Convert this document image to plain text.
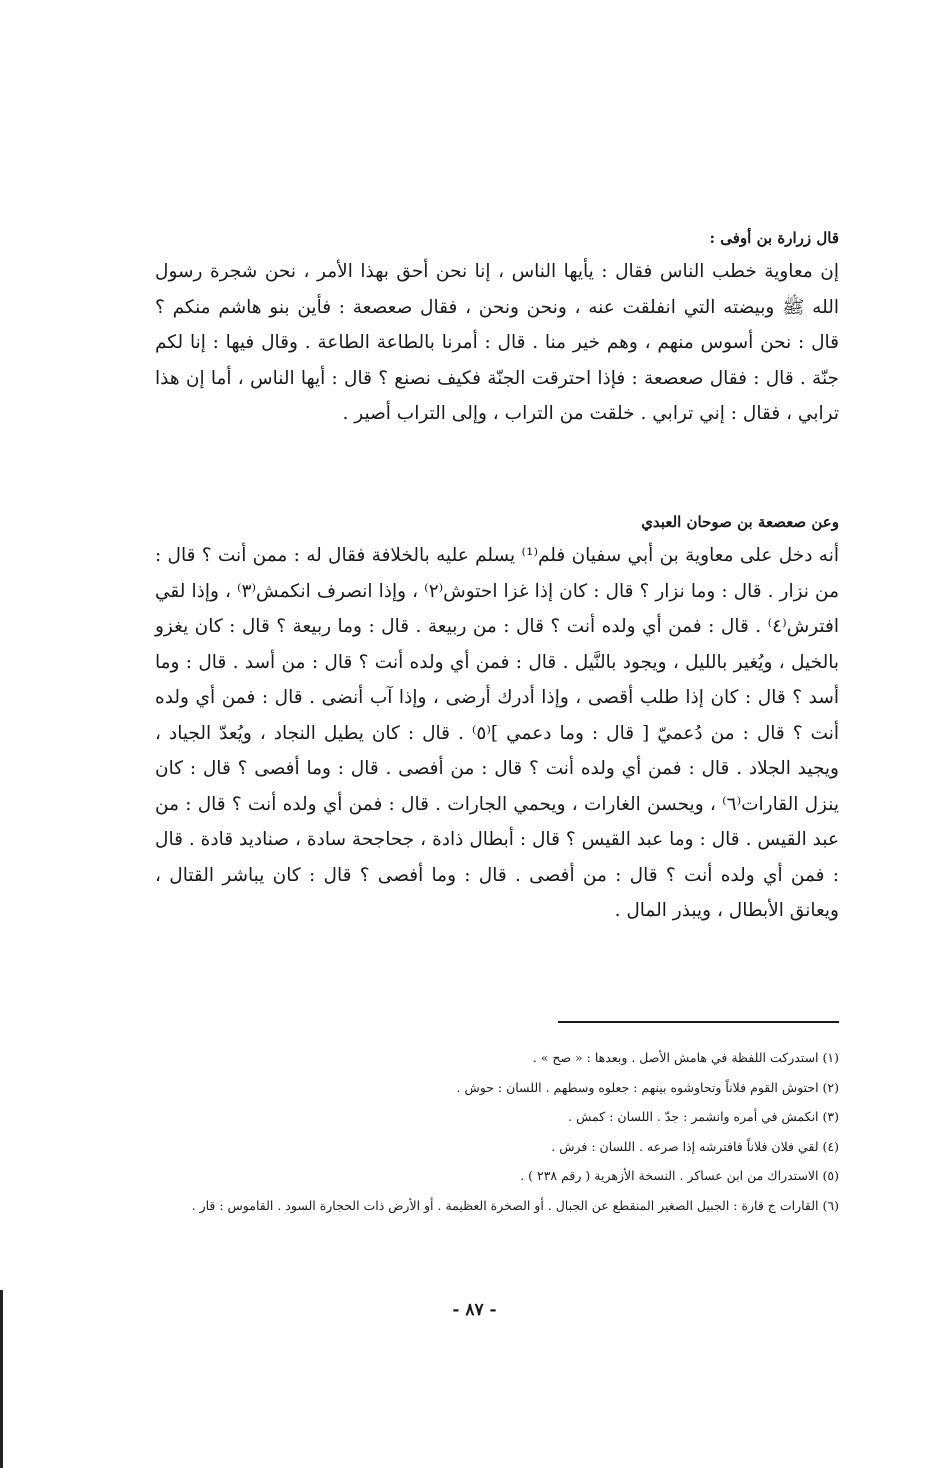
قال زرارة بن أوفى :

إن معاوية خطب الناس فقال : يأيها الناس ، إنا نحن أحق بهذا الأمر ، نحن شجرة رسول الله ﷺ وبيضته التي انفلقت عنه ، ونحن ونحن ، فقال صعصعة : فأين بنو هاشم منكم ؟ قال : نحن أسوس منهم ، وهم خير منا . قال : أمرنا بالطاعة الطاعة . وقال فيها : إنا لكم جنّة . قال : فقال صعصعة : فإذا احترقت الجنّة فكيف نصنع ؟ قال : أيها الناس ، أما إن هذا ترابي ، فقال : إني ترابي . خلقت من التراب ، وإلى التراب أصير .

وعن صعصعة بن صوحان العبدي

أنه دخل على معاوية بن أبي سفيان فلم⁽¹⁾ يسلم عليه بالخلافة فقال له : ممن أنت ؟ قال : من نزار . قال : وما نزار ؟ قال : كان إذا غزا احتوش⁽٢⁾ ، وإذا انصرف انكمش⁽٣⁾ ، وإذا لقي افترش⁽٤⁾ . قال : فمن أي ولده أنت ؟ قال : من ربيعة . قال : وما ربيعة ؟ قال : كان يغزو بالخيل ، ويُغير بالليل ، ويجود بالنَّيل . قال : فمن أي ولده أنت ؟ قال : من أسد . قال : وما أسد ؟ قال : كان إذا طلب أقصى ، وإذا أدرك أرضى ، وإذا آب أنضى . قال : فمن أي ولده أنت ؟ قال : من دُعميّ [ قال : وما دعمي ]⁽٥⁾ . قال : كان يطيل النجاد ، ويُعدّ الجياد ، ويجيد الجلاد . قال : فمن أي ولده أنت ؟ قال : من أفصى . قال : وما أفصى ؟ قال : كان ينزل القارات⁽٦⁾ ، ويحسن الغارات ، ويحمي الجارات . قال : فمن أي ولده أنت ؟ قال : من عبد القيس . قال : وما عبد القيس ؟ قال : أبطال ذادة ، جحاجحة سادة ، صناديد قادة . قال : فمن أي ولده أنت ؟ قال : من أفصى . قال : وما أفصى ؟ قال : كان يباشر القتال ، ويعانق الأبطال ، ويبذر المال .

(١) استدركت اللفظة في هامش الأصل . وبعدها : « صح » .

(٢) احتوش القوم فلاناً وتحاوشوه بينهم : جعلوه وسطهم . اللسان : حوش .

(٣) انكمش في أمره وانشمر : جدّ . اللسان : كمش .

(٤) لقي فلان فلاناً فافترشه إذا صرعه . اللسان : فرش .

(٥) الاستدراك من ابن عساكر . النسخة الأزهرية ( رقم ٢٣٨ ) .

(٦) القارات ج قارة : الجبيل الصغير المنقطع عن الجبال . أو الصخرة العظيمة . أو الأرض ذات الحجارة السود . القاموس : قار .

- ٨٧ -
